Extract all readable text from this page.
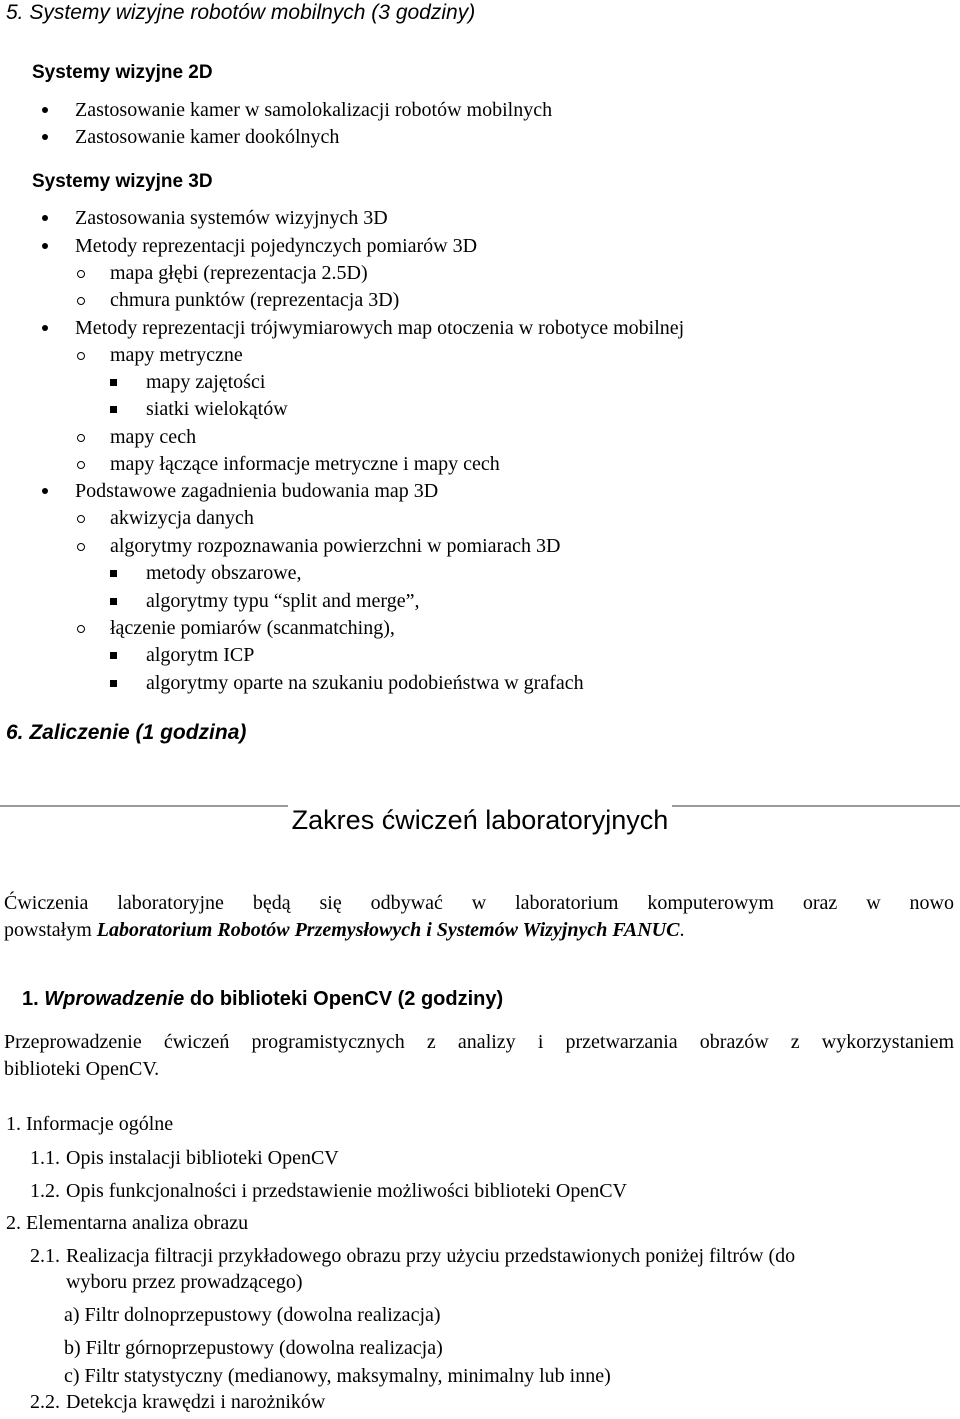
5. Systemy wizyjne robotów mobilnych (3 godziny)
Systemy wizyjne 2D
Zastosowanie kamer w samolokalizacji robotów mobilnych
Zastosowanie kamer dookólnych
Systemy wizyjne 3D
Zastosowania systemów wizyjnych 3D
Metody reprezentacji pojedynczych pomiarów 3D
mapa głębi (reprezentacja 2.5D)
chmura punktów (reprezentacja 3D)
Metody reprezentacji trójwymiarowych map otoczenia w robotyce mobilnej
mapy metryczne
mapy zajętości
siatki wielokątów
mapy cech
mapy łączące informacje metryczne i mapy cech
Podstawowe zagadnienia budowania map 3D
akwizycja danych
algorytmy rozpoznawania powierzchni w pomiarach 3D
metody obszarowe,
algorytmy typu “split and merge”,
łączenie pomiarów (scanmatching),
algorytm ICP
algorytmy oparte na szukaniu podobieństwa w grafach
6. Zaliczenie (1 godzina)
Zakres ćwiczeń laboratoryjnych
Ćwiczenia laboratoryjne będą się odbywać w laboratorium komputerowym oraz w nowo
powstałym Laboratorium Robotów Przemysłowych i Systemów Wizyjnych FANUC.
1. Wprowadzenie do biblioteki OpenCV (2 godziny)
Przeprowadzenie ćwiczeń programistycznych z analizy i przetwarzania obrazów z wykorzystaniem
biblioteki OpenCV.
1. Informacje ogólne
1.1. Opis instalacji biblioteki OpenCV
1.2. Opis funkcjonalności i przedstawienie możliwości biblioteki OpenCV
2. Elementarna analiza obrazu
2.1. Realizacja filtracji przykładowego obrazu przy użyciu przedstawionych poniżej filtrów (do
wyboru przez prowadzącego)
a) Filtr dolnoprzepustowy (dowolna realizacja)
b) Filtr górnoprzepustowy (dowolna realizacja)
c) Filtr statystyczny (medianowy, maksymalny, minimalny lub inne)
2.2. Detekcja krawędzi i narożników
